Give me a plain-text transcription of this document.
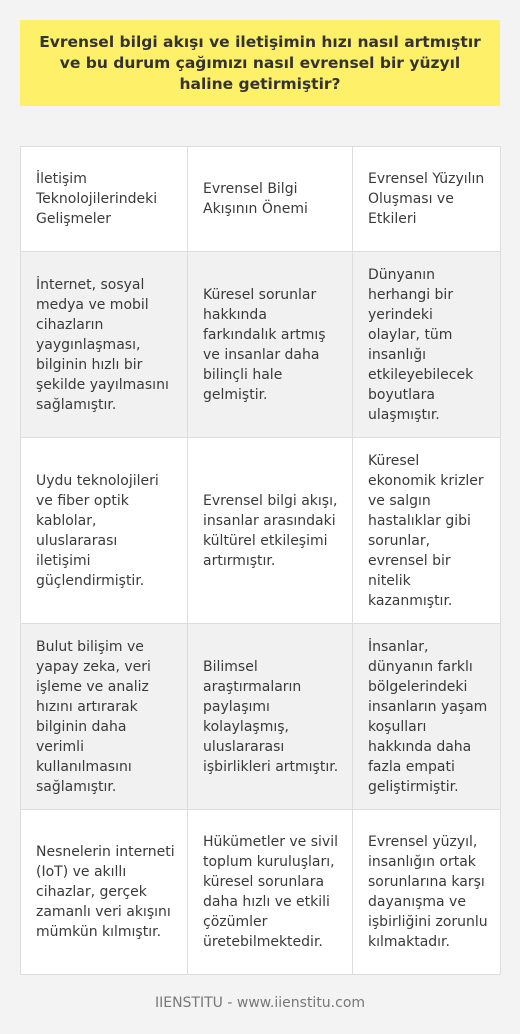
Evrensel bilgi akışı ve iletişimin hızı nasıl artmıştır ve bu durum çağımızı nasıl evrensel bir yüzyıl haline getirmiştir?
İletişim Teknolojilerindeki Gelişmeler	Evrensel Bilgi Akışının Önemi	Evrensel Yüzyılın Oluşması ve Etkileri
İnternet, sosyal medya ve mobil cihazların yaygınlaşması, bilginin hızlı bir şekilde yayılmasını sağlamıştır.	Küresel sorunlar hakkında farkındalık artmış ve insanlar daha bilinçli hale gelmiştir.	Dünyanın herhangi bir yerindeki olaylar, tüm insanlığı etkileyebilecek boyutlara ulaşmıştır.
Uydu teknolojileri ve fiber optik kablolar, uluslararası iletişimi güçlendirmiştir.	Evrensel bilgi akışı, insanlar arasındaki kültürel etkileşimi artırmıştır.	Küresel ekonomik krizler ve salgın hastalıklar gibi sorunlar, evrensel bir nitelik kazanmıştır.
Bulut bilişim ve yapay zeka, veri işleme ve analiz hızını artırarak bilginin daha verimli kullanılmasını sağlamıştır.	Bilimsel araştırmaların paylaşımı kolaylaşmış, uluslararası işbirlikleri artmıştır.	İnsanlar, dünyanın farklı bölgelerindeki insanların yaşam koşulları hakkında daha fazla empati geliştirmiştir.
Nesnelerin interneti (IoT) ve akıllı cihazlar, gerçek zamanlı veri akışını mümkün kılmıştır.	Hükümetler ve sivil toplum kuruluşları, küresel sorunlara daha hızlı ve etkili çözümler üretebilmektedir.	Evrensel yüzyıl, insanlığın ortak sorunlarına karşı dayanışma ve işbirliğini zorunlu kılmaktadır.
IIENSTITU - www.iienstitu.com
